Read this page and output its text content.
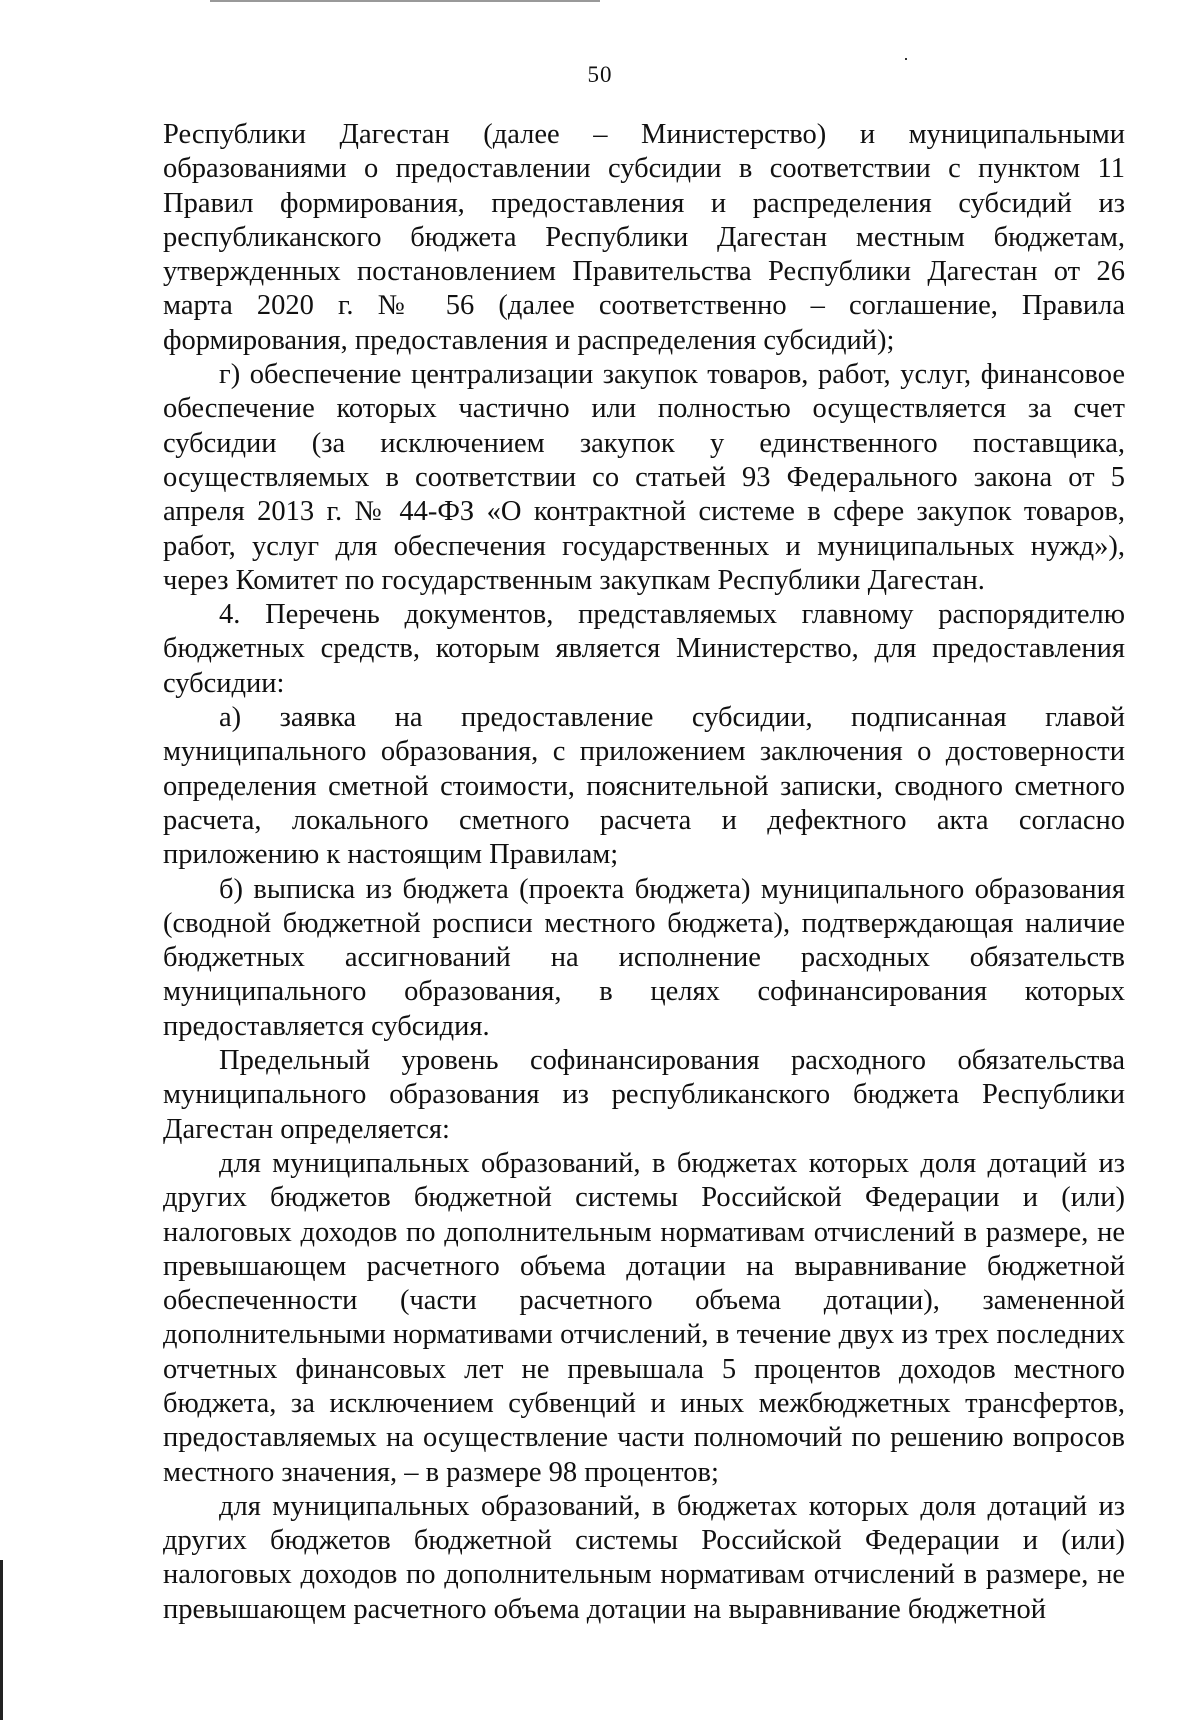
50

Республики Дагестан (далее – Министерство) и муниципальными образованиями о предоставлении субсидии в соответствии с пунктом 11 Правил формирования, предоставления и распределения субсидий из республиканского бюджета Республики Дагестан местным бюджетам, утвержденных постановлением Правительства Республики Дагестан от 26 марта 2020 г. № 56 (далее соответственно – соглашение, Правила формирования, предоставления и распределения субсидий);

г) обеспечение централизации закупок товаров, работ, услуг, финансовое обеспечение которых частично или полностью осуществляется за счет субсидии (за исключением закупок у единственного поставщика, осуществляемых в соответствии со статьей 93 Федерального закона от 5 апреля 2013 г. № 44-ФЗ «О контрактной системе в сфере закупок товаров, работ, услуг для обеспечения государственных и муниципальных нужд»), через Комитет по государственным закупкам Республики Дагестан.

4. Перечень документов, представляемых главному распорядителю бюджетных средств, которым является Министерство, для предоставления субсидии:

а) заявка на предоставление субсидии, подписанная главой муниципального образования, с приложением заключения о достоверности определения сметной стоимости, пояснительной записки, сводного сметного расчета, локального сметного расчета и дефектного акта согласно приложению к настоящим Правилам;

б) выписка из бюджета (проекта бюджета) муниципального образования (сводной бюджетной росписи местного бюджета), подтверждающая наличие бюджетных ассигнований на исполнение расходных обязательств муниципального образования, в целях софинансирования которых предоставляется субсидия.

Предельный уровень софинансирования расходного обязательства муниципального образования из республиканского бюджета Республики Дагестан определяется:

для муниципальных образований, в бюджетах которых доля дотаций из других бюджетов бюджетной системы Российской Федерации и (или) налоговых доходов по дополнительным нормативам отчислений в размере, не превышающем расчетного объема дотации на выравнивание бюджетной обеспеченности (части расчетного объема дотации), замененной дополнительными нормативами отчислений, в течение двух из трех последних отчетных финансовых лет не превышала 5 процентов доходов местного бюджета, за исключением субвенций и иных межбюджетных трансфертов, предоставляемых на осуществление части полномочий по решению вопросов местного значения, – в размере 98 процентов;

для муниципальных образований, в бюджетах которых доля дотаций из других бюджетов бюджетной системы Российской Федерации и (или) налоговых доходов по дополнительным нормативам отчислений в размере, не превышающем расчетного объема дотации на выравнивание бюджетной
